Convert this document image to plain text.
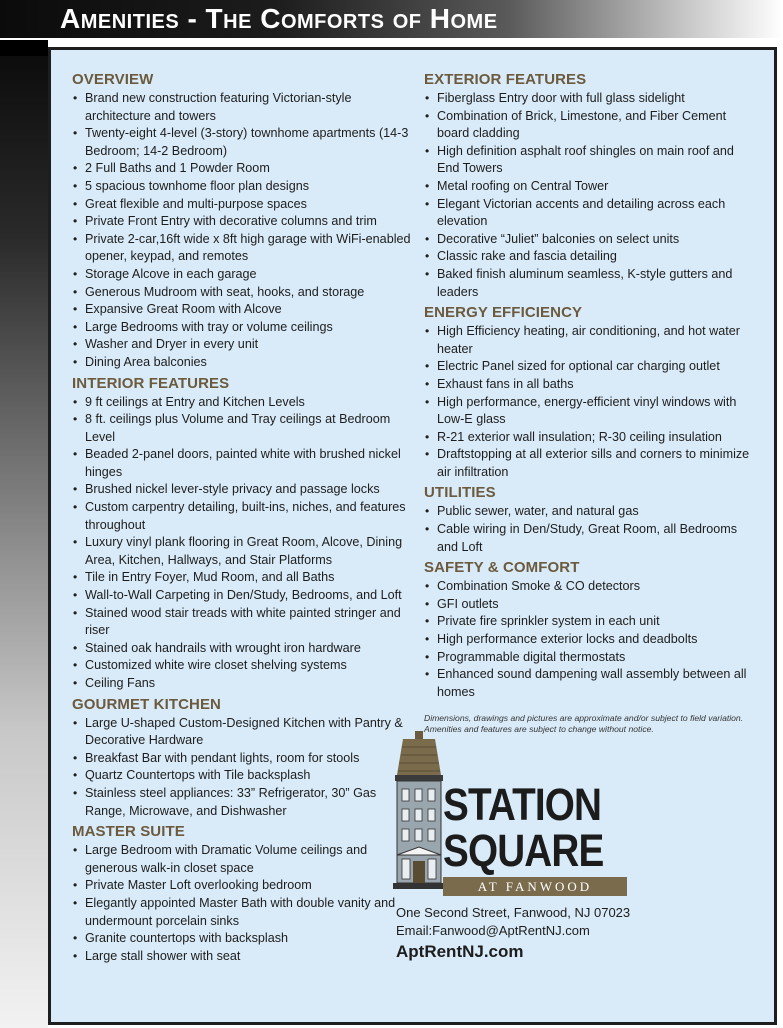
Amenities - The Comforts of Home
OVERVIEW
• Brand new construction featuring Victorian-style architecture and towers
• Twenty-eight 4-level (3-story) townhome apartments (14-3 Bedroom; 14-2 Bedroom)
• 2 Full Baths and 1 Powder Room
• 5 spacious townhome floor plan designs
• Great flexible and multi-purpose spaces
• Private Front Entry with decorative columns and trim
• Private 2-car,16ft wide x 8ft high garage with WiFi-enabled opener, keypad, and remotes
• Storage Alcove in each garage
• Generous Mudroom with seat, hooks, and storage
• Expansive Great Room with Alcove
• Large Bedrooms with tray or volume ceilings
• Washer and Dryer in every unit
• Dining Area balconies
INTERIOR FEATURES
• 9 ft ceilings at Entry and Kitchen Levels
• 8 ft. ceilings plus Volume and Tray ceilings at Bedroom Level
• Beaded 2-panel doors, painted white with brushed nickel hinges
• Brushed nickel lever-style privacy and passage locks
• Custom carpentry detailing, built-ins, niches, and features throughout
• Luxury vinyl plank flooring in Great Room, Alcove, Dining Area, Kitchen, Hallways, and Stair Platforms
• Tile in Entry Foyer, Mud Room, and all Baths
• Wall-to-Wall Carpeting in Den/Study, Bedrooms, and Loft
• Stained wood stair treads with white painted stringer and riser
• Stained oak handrails with wrought iron hardware
• Customized white wire closet shelving systems
• Ceiling Fans
GOURMET KITCHEN
• Large U-shaped Custom-Designed Kitchen with Pantry & Decorative Hardware
• Breakfast Bar with pendant lights, room for stools
• Quartz Countertops with Tile backsplash
• Stainless steel appliances: 33” Refrigerator, 30” Gas Range, Microwave, and Dishwasher
MASTER SUITE
• Large Bedroom with Dramatic Volume ceilings and generous walk-in closet space
• Private Master Loft overlooking bedroom
• Elegantly appointed Master Bath with double vanity and undermount porcelain sinks
• Granite countertops with backsplash
• Large stall shower with seat
EXTERIOR FEATURES
• Fiberglass Entry door with full glass sidelight
• Combination of Brick, Limestone, and Fiber Cement board cladding
• High definition asphalt roof shingles on main roof and End Towers
• Metal roofing on Central Tower
• Elegant Victorian accents and detailing across each elevation
• Decorative “Juliet” balconies on select units
• Classic rake and fascia detailing
• Baked finish aluminum seamless, K-style gutters and leaders
ENERGY EFFICIENCY
• High Efficiency heating, air conditioning, and hot water heater
• Electric Panel sized for optional car charging outlet
• Exhaust fans in all baths
• High performance, energy-efficient vinyl windows with Low-E glass
• R-21 exterior wall insulation; R-30 ceiling insulation
• Draftstopping at all exterior sills and corners to minimize air infiltration
UTILITIES
• Public sewer, water, and natural gas
• Cable wiring in Den/Study, Great Room, all Bedrooms and Loft
SAFETY & COMFORT
• Combination Smoke & CO detectors
• GFI outlets
• Private fire sprinkler system in each unit
• High performance exterior locks and deadbolts
• Programmable digital thermostats
• Enhanced sound dampening wall assembly between all homes
Dimensions, drawings and pictures are approximate and/or subject to field variation. Amenities and features are subject to change without notice.
STATION
SQUARE
AT FANWOOD
One Second Street, Fanwood, NJ 07023
Email:Fanwood@AptRentNJ.com
AptRentNJ.com
